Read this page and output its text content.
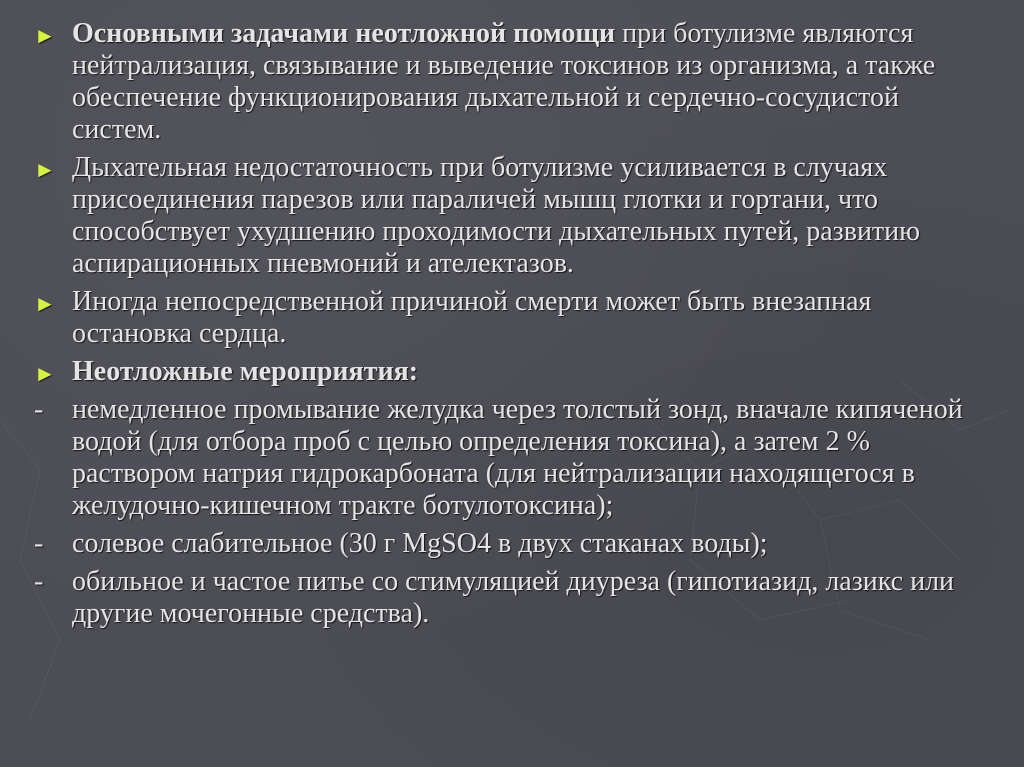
► Основными задачами неотложной помощи при ботулизме являются нейтрализация, связывание и выведение токсинов из организма, а также обеспечение функционирования дыхательной и сердечно-сосудистой систем.
► Дыхательная недостаточность при ботулизме усиливается в случаях присоединения парезов или параличей мышц глотки и гортани, что способствует ухудшению проходимости дыхательных путей, развитию аспирационных пневмоний и ателектазов.
► Иногда непосредственной причиной смерти может быть внезапная остановка сердца.
► Неотложные мероприятия:
- немедленное промывание желудка через толстый зонд, вначале кипяченой водой (для отбора проб с целью определения токсина), а затем 2 % раствором натрия гидрокарбоната (для нейтрализации находящегося в желудочно-кишечном тракте ботулотоксина);
- солевое слабительное (30 г MgSO4 в двух стаканах воды);
- обильное и частое питье со стимуляцией диуреза (гипотиазид, лазикс или другие мочегонные средства).
